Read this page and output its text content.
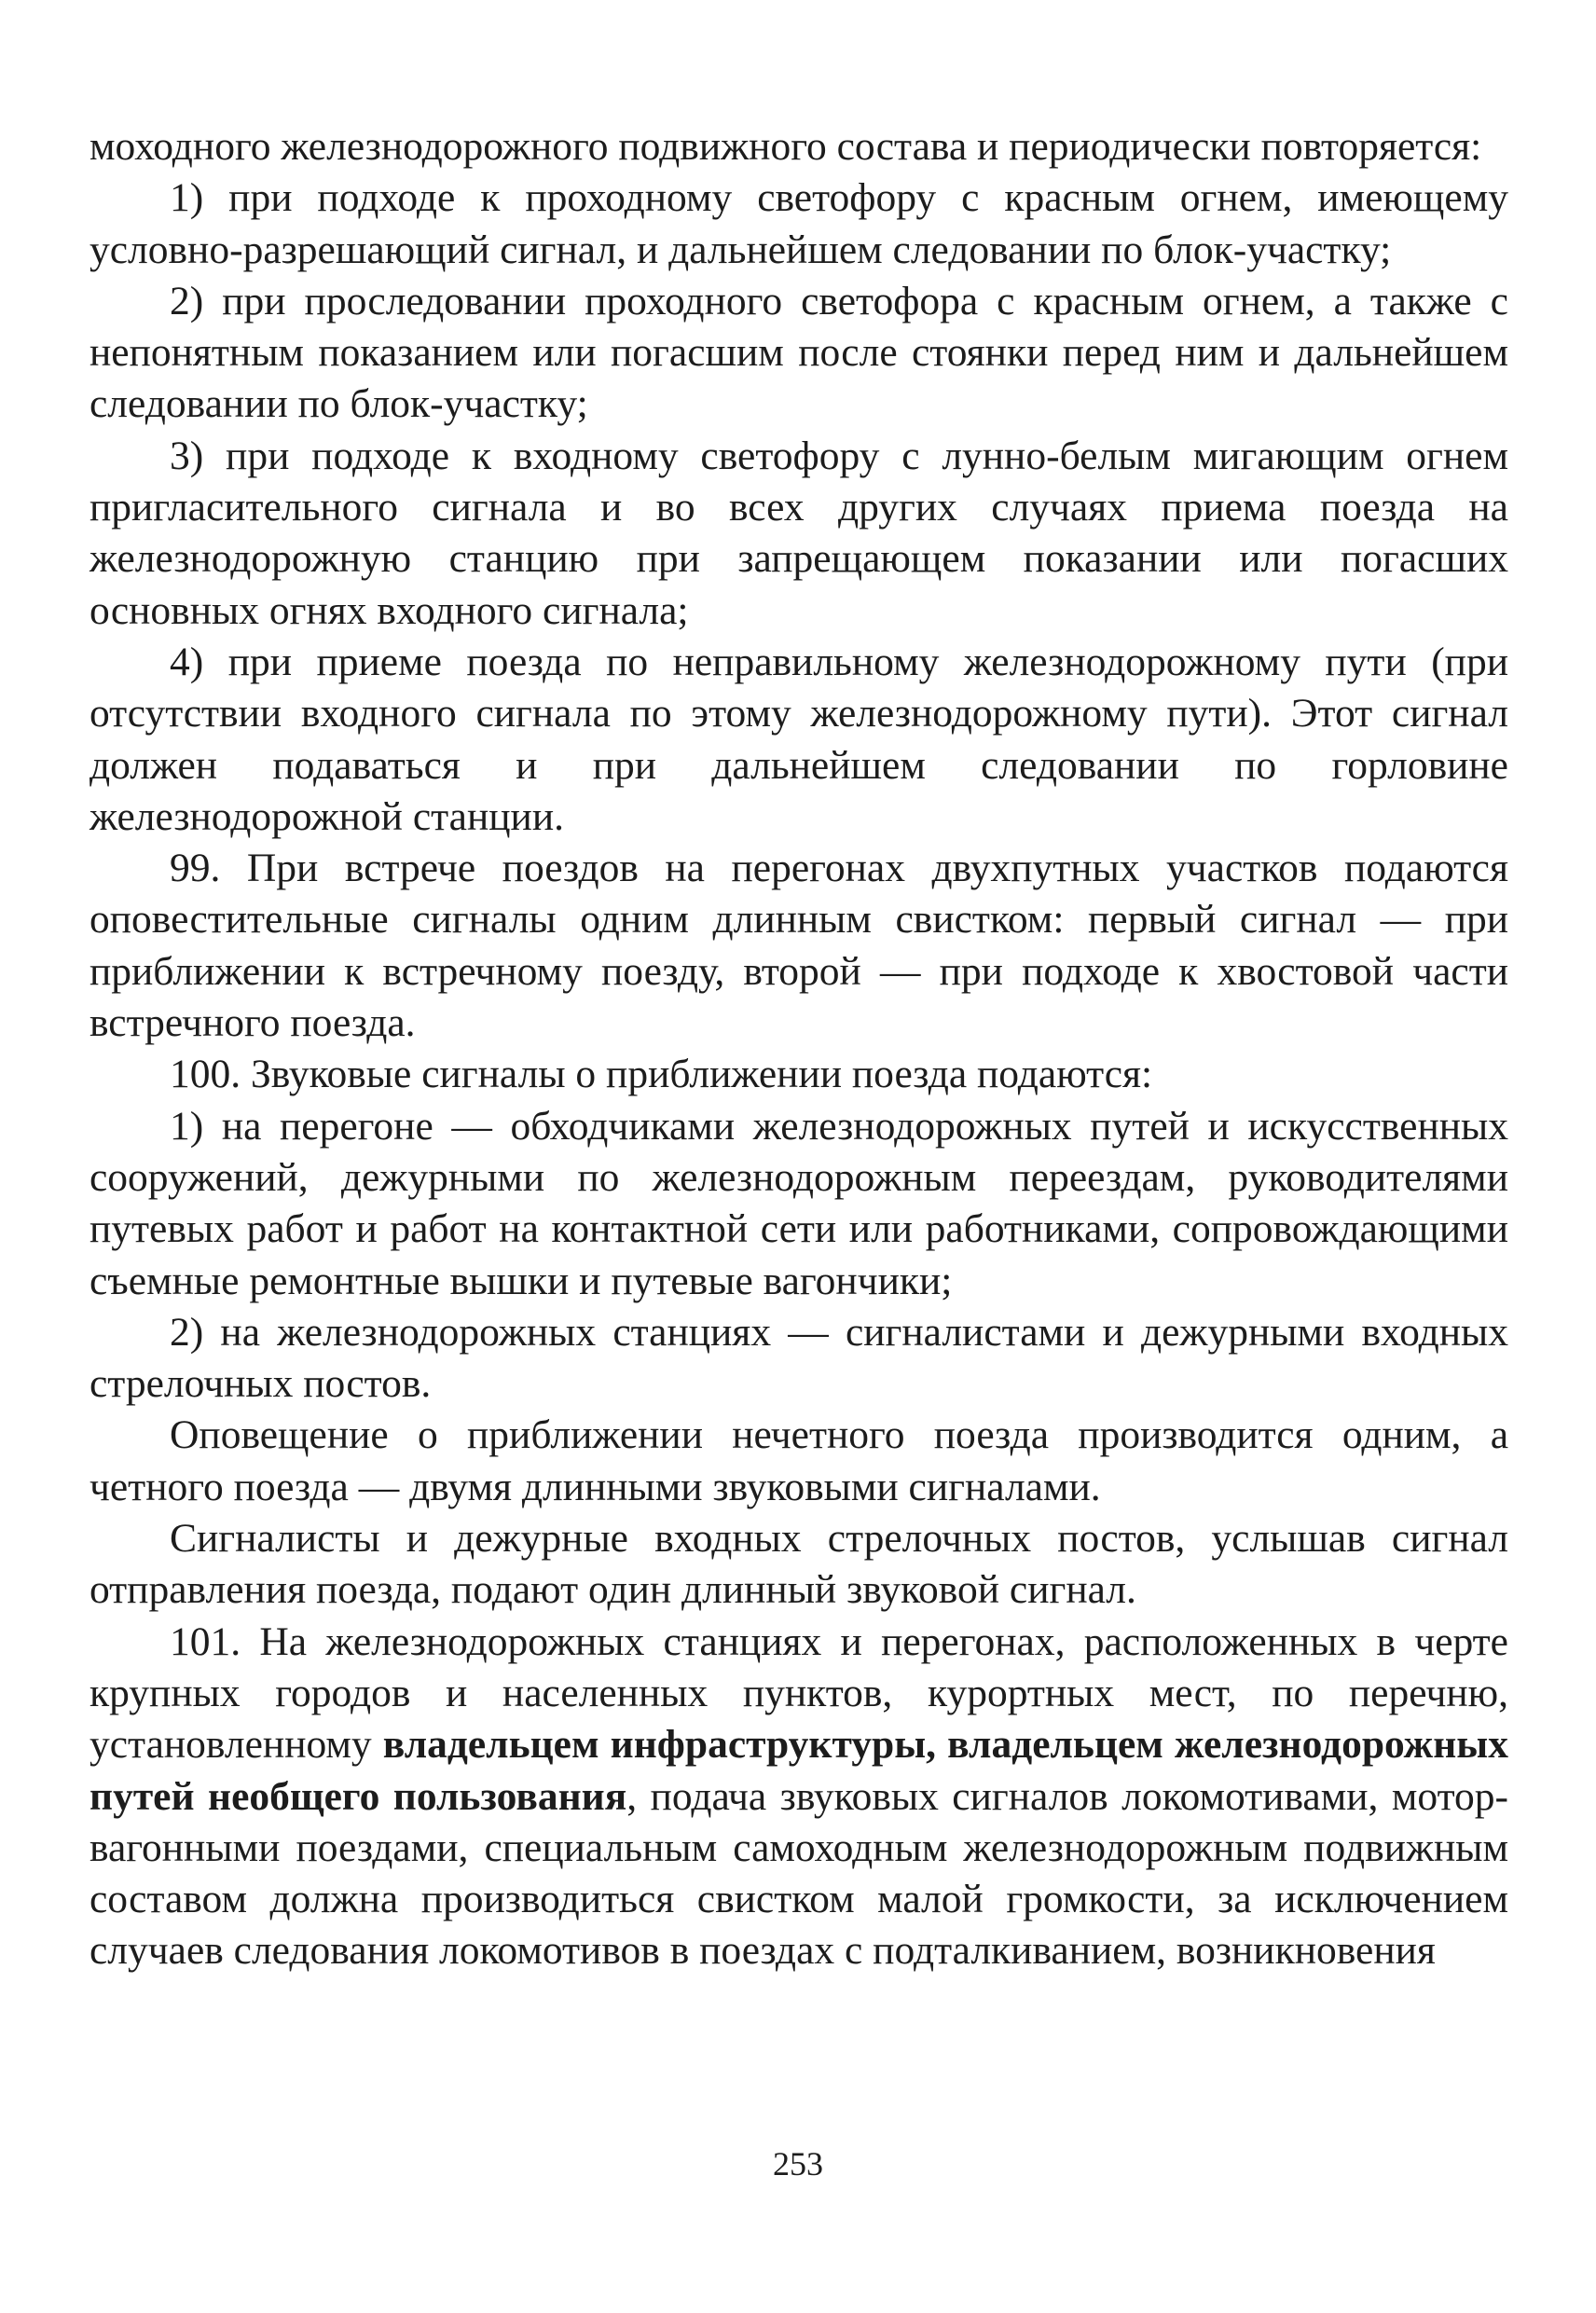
моходного железнодорожного подвижного состава и периодически повторяется:

1) при подходе к проходному светофору с красным огнем, имеющему условно-разрешающий сигнал, и дальнейшем следовании по блок-участку;

2) при проследовании проходного светофора с красным огнем, а также с непонятным показанием или погасшим после стоянки перед ним и дальнейшем следовании по блок-участку;

3) при подходе к входному светофору с лунно-белым мигающим огнем пригласительного сигнала и во всех других случаях приема поезда на железнодорожную станцию при запрещающем показании или погасших основных огнях входного сигнала;

4) при приеме поезда по неправильному железнодорожному пути (при отсутствии входного сигнала по этому железнодорожному пути). Этот сигнал должен подаваться и при дальнейшем следовании по горловине железнодорожной станции.

99. При встрече поездов на перегонах двухпутных участков подаются оповестительные сигналы одним длинным свистком: первый сигнал — при приближении к встречному поезду, второй — при подходе к хвостовой части встречного поезда.

100. Звуковые сигналы о приближении поезда подаются:

1) на перегоне — обходчиками железнодорожных путей и искусственных сооружений, дежурными по железнодорожным переездам, руководителями путевых работ и работ на контактной сети или работниками, сопровождающими съемные ремонтные вышки и путевые вагончики;

2) на железнодорожных станциях — сигналистами и дежурными входных стрелочных постов.

Оповещение о приближении нечетного поезда производится одним, а четного поезда — двумя длинными звуковыми сигналами.

Сигналисты и дежурные входных стрелочных постов, услышав сигнал отправления поезда, подают один длинный звуковой сигнал.

101. На железнодорожных станциях и перегонах, расположенных в черте крупных городов и населенных пунктов, курортных мест, по перечню, установленному владельцем инфраструктуры, владельцем железнодорожных путей необщего пользования, подача звуковых сигналов локомотивами, мотор-вагонными поездами, специальным самоходным железнодорожным подвижным составом должна производиться свистком малой громкости, за исключением случаев следования локомотивов в поездах с подталкиванием, возникновения

253
